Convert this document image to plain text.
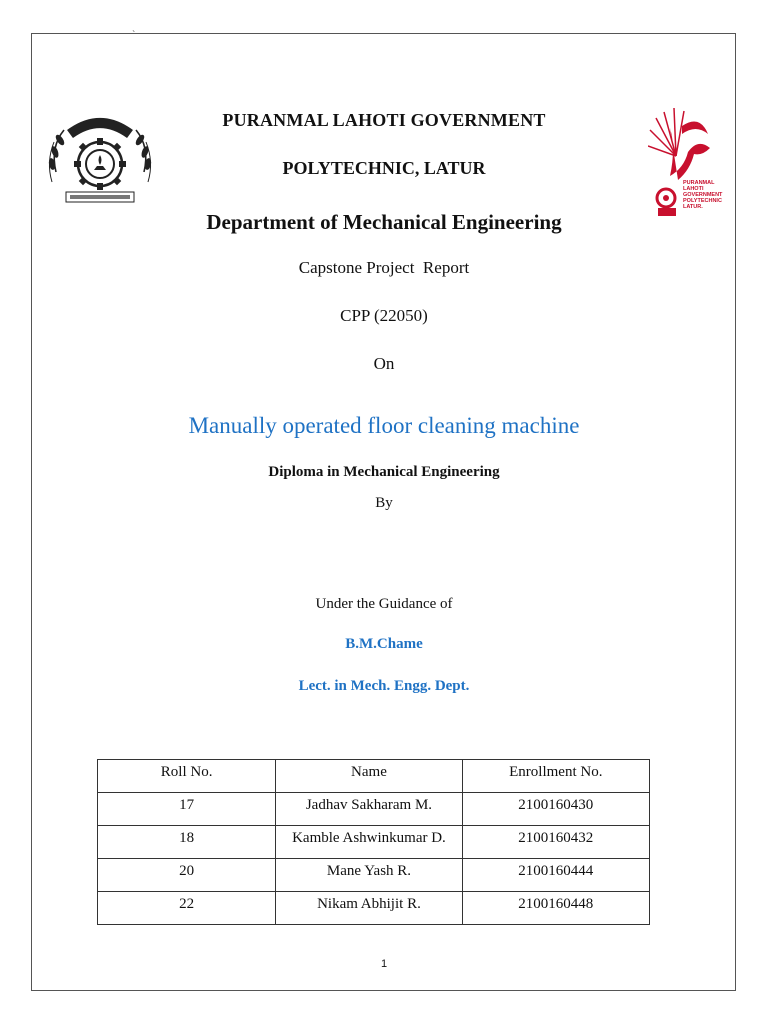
`
PURANMAL
LAHOTI
GOVERNMENT
POLYTECHNIC
LATUR.
PURANMAL LAHOTI GOVERNMENT
POLYTECHNIC, LATUR
Department of Mechanical Engineering
Capstone Project  Report
CPP (22050)
On
Manually operated floor cleaning machine
Diploma in Mechanical Engineering
By
Under the Guidance of
B.M.Chame
Lect. in Mech. Engg. Dept.
Roll No.	Name	Enrollment No.
17	Jadhav Sakharam M.	2100160430
18	Kamble Ashwinkumar D.	2100160432
20	Mane Yash R.	2100160444
22	Nikam Abhijit R.	2100160448
1
